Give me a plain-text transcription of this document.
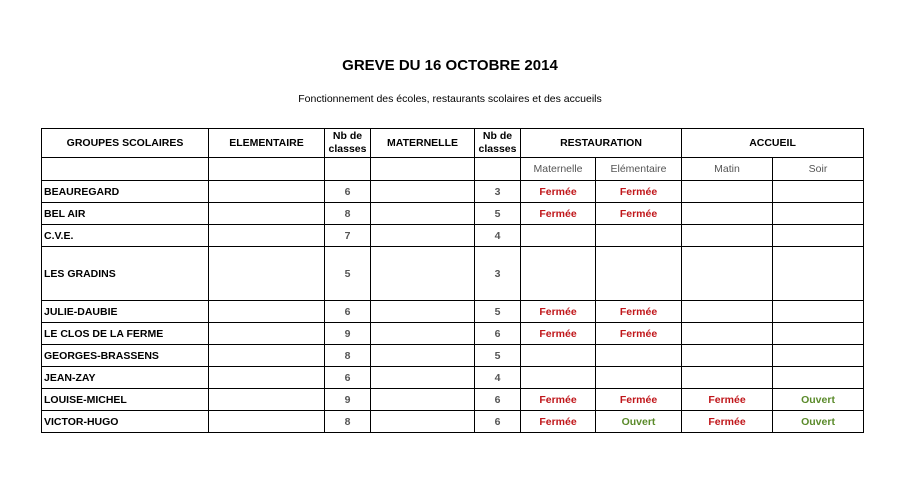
GREVE DU 16 OCTOBRE 2014
Fonctionnement des écoles, restaurants scolaires et des accueils
GROUPES SCOLAIRES	ELEMENTAIRE	Nb de classes	MATERNELLE	Nb de classes	RESTAURATION		ACCUEIL	
					Maternelle	Elémentaire	Matin	Soir
BEAUREGARD		6		3	Fermée	Fermée		
BEL AIR		8		5	Fermée	Fermée		
C.V.E.		7		4				
LES GRADINS		5		3				
JULIE-DAUBIE		6		5	Fermée	Fermée		
LE CLOS DE LA FERME		9		6	Fermée	Fermée		
GEORGES-BRASSENS		8		5				
JEAN-ZAY		6		4				
LOUISE-MICHEL		9		6	Fermée	Fermée	Fermée	Ouvert
VICTOR-HUGO		8		6	Fermée	Ouvert	Fermée	Ouvert
